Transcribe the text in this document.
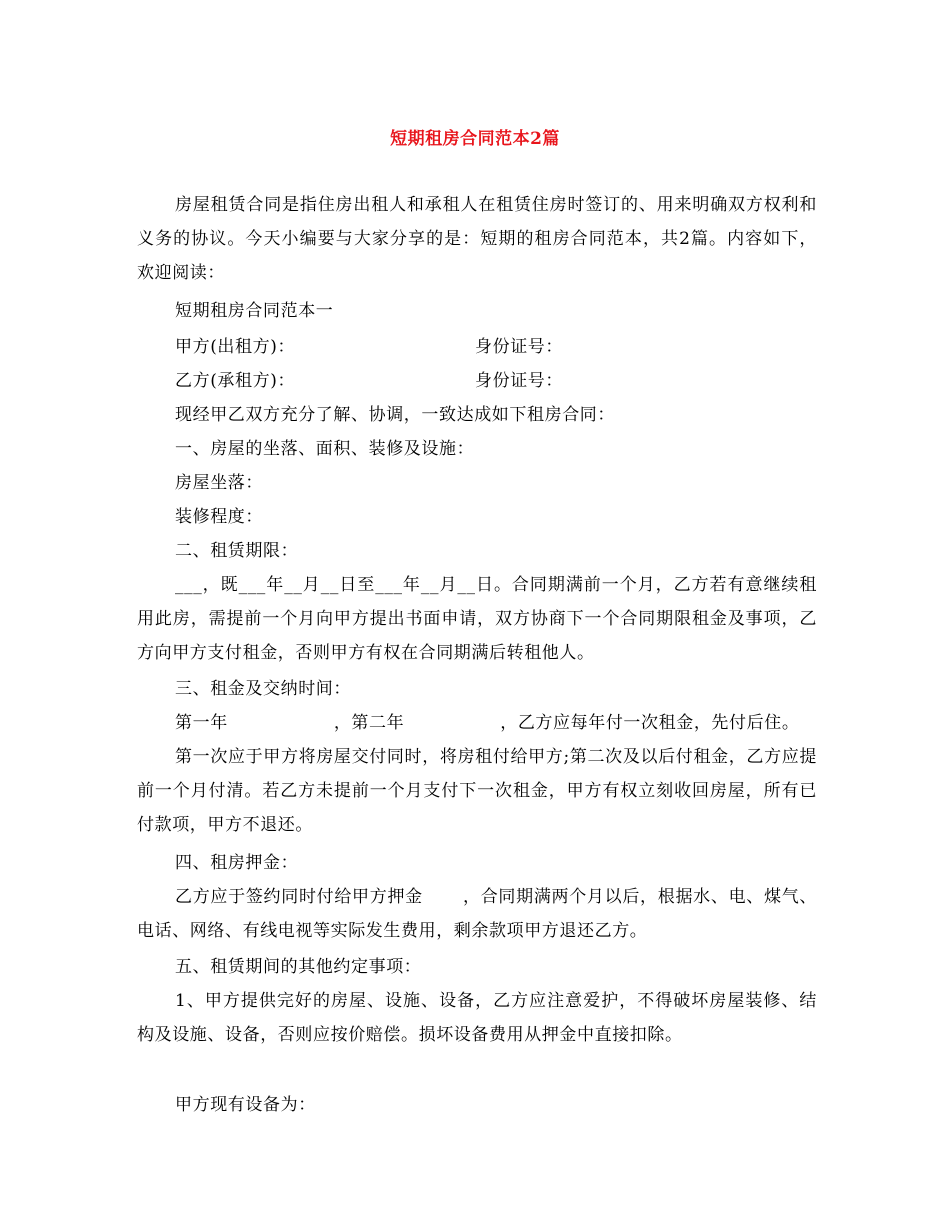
短期租房合同范本2篇
房屋租赁合同是指住房出租人和承租人在租赁住房时签订的、用来明确双方权利和义务的协议。今天小编要与大家分享的是：短期的租房合同范本，共2篇。内容如下，欢迎阅读：
短期租房合同范本一
甲方(出租方)：	身份证号：
乙方(承租方)：	身份证号：
现经甲乙双方充分了解、协调，一致达成如下租房合同：
一、房屋的坐落、面积、装修及设施：
房屋坐落：
装修程度：
二、租赁期限：
___，既___年__月__日至___年__月__日。合同期满前一个月，乙方若有意继续租用此房，需提前一个月向甲方提出书面申请，双方协商下一个合同期限租金及事项，乙方向甲方支付租金，否则甲方有权在合同期满后转租他人。
三、租金及交纳时间：
第一年	，第二年	，乙方应每年付一次租金，先付后住。
第一次应于甲方将房屋交付同时，将房租付给甲方;第二次及以后付租金，乙方应提前一个月付清。若乙方未提前一个月支付下一次租金，甲方有权立刻收回房屋，所有已付款项，甲方不退还。
四、租房押金：
乙方应于签约同时付给甲方押金 ，合同期满两个月以后，根据水、电、煤气、电话、网络、有线电视等实际发生费用，剩余款项甲方退还乙方。
五、租赁期间的其他约定事项：
1、甲方提供完好的房屋、设施、设备，乙方应注意爱护，不得破坏房屋装修、结构及设施、设备，否则应按价赔偿。损坏设备费用从押金中直接扣除。
甲方现有设备为：
